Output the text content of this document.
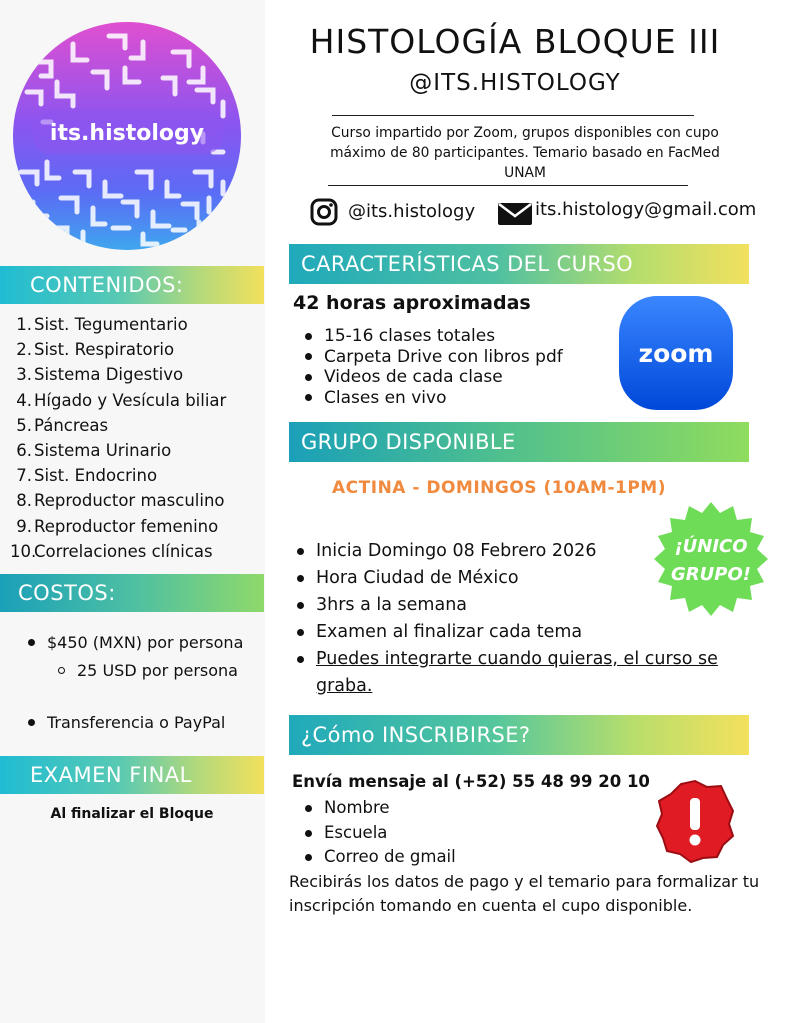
its.histology
CONTENIDOS:
1. Sist. Tegumentario
2. Sist. Respiratorio
3. Sistema Digestivo
4. Hígado y Vesícula biliar
5. Páncreas
6. Sistema Urinario
7. Sist. Endocrino
8. Reproductor masculino
9. Reproductor femenino
10.
Correlaciones clínicas
COSTOS:
$450 (MXN) por persona
25 USD por persona
Transferencia o PayPal
EXAMEN FINAL
Al finalizar el Bloque
HISTOLOGÍA BLOQUE III
@ITS.HISTOLOGY
Curso impartido por Zoom, grupos disponibles con cupo máximo de 80 participantes. Temario basado en FacMed UNAM
@its.histology	its.histology@gmail.com
CARACTERÍSTICAS DEL CURSO
42 horas aproximadas
15-16 clases totales
Carpeta Drive con libros pdf
Videos de cada clase
Clases en vivo
zoom
GRUPO DISPONIBLE
ACTINA - DOMINGOS (10AM-1PM)
Inicia Domingo 08 Febrero 2026
Hora Ciudad de México
3hrs a la semana
Examen al finalizar cada tema
Puedes integrarte cuando quieras, el curso se graba.
¡ÚNICO
GRUPO!
¿Cómo INSCRIBIRSE?
Envía mensaje al (+52) 55 48 99 20 10
Nombre
Escuela
Correo de gmail
Recibirás los datos de pago y el temario para formalizar tu inscripción tomando en cuenta el cupo disponible.
